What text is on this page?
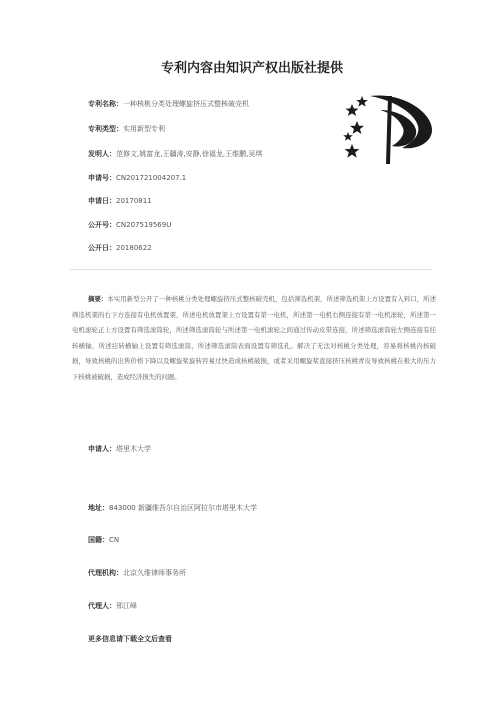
专利内容由知识产权出版社提供
专利名称：一种核桃分类处理螺旋挤压式整核破壳机
专利类型：实用新型专利
发明人：范修文,姚富龙,王疆涛,安静,徐福龙,王维鹏,吴琪
申请号：CN201721004207.1
申请日：20170811
公开号：CN207519569U
公开日：20180622
摘要：本实用新型公开了一种核桃分类处理螺旋挤压式整核破壳机，包括筛选机架，所述筛选机架上方设置有入料口，所述筛选机架的右下方连接有电机放置架，所述电机放置架上方设置有第一电机，所述第一电机右侧连接有第一电机滚轮，所述第一电机滚轮正上方设置有筛选滚筒轮，所述筛选滚筒轮与所述第一电机滚轮之间通过传动皮带连接，所述筛选滚筒轮左侧连接有挂转横轴，所述挂转横轴上设置有筛选滚筒，所述筛选滚筒表面设置有筛选孔。解决了无法对核桃分类处理，容易将核桃内核破损，导致核桃的出售价格下降以及螺旋桨旋转容易过快造成核桃破损，或者采用螺旋桨直接挤压核桃青皮导致核桃在极大的压力下核桃被破损，造成经济损失的问题。
申请人：塔里木大学
地址：843000 新疆维吾尔自治区阿拉尔市塔里木大学
国籍：CN
代理机构：北京久维律师事务所
代理人：邢江峰
更多信息请下载全文后查看
